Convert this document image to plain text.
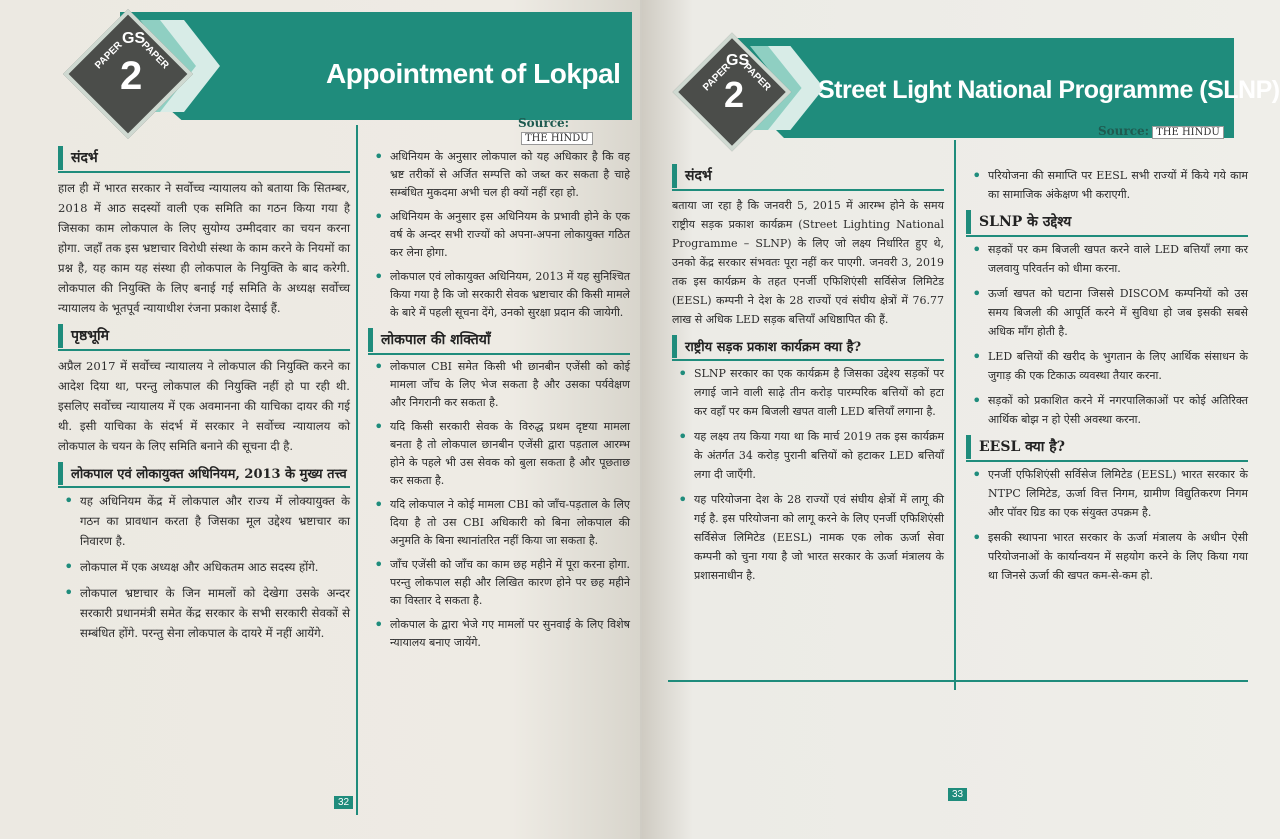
Appointment of Lokpal
GS
PAPER PAPER
2
Source:THE HINDU
संदर्भ
हाल ही में भारत सरकार ने सर्वोच्च न्यायालय को बताया कि सितम्बर, 2018 में आठ सदस्यों वाली एक समिति का गठन किया गया है जिसका काम लोकपाल के लिए सुयोग्य उम्मीदवार का चयन करना होगा. जहाँ तक इस भ्रष्टाचार विरोधी संस्था के काम करने के नियमों का प्रश्न है, यह काम यह संस्था ही लोकपाल के नियुक्ति के बाद करेगी. लोकपाल की नियुक्ति के लिए बनाई गई समिति के अध्यक्ष सर्वोच्च न्यायालय के भूतपूर्व न्यायाधीश रंजना प्रकाश देसाई हैं.
पृष्ठभूमि
अप्रैल 2017 में सर्वोच्च न्यायालय ने लोकपाल की नियुक्ति करने का आदेश दिया था, परन्तु लोकपाल की नियुक्ति नहीं हो पा रही थी. इसलिए सर्वोच्च न्यायालय में एक अवमानना की याचिका दायर की गई थी. इसी याचिका के संदर्भ में सरकार ने सर्वोच्च न्यायालय को लोकपाल के चयन के लिए समिति बनाने की सूचना दी है.
लोकपाल एवं लोकायुक्त अधिनियम, 2013 के मुख्य तत्त्व
• यह अधिनियम केंद्र में लोकपाल और राज्य में लोक्यायुक्त के गठन का प्रावधान करता है जिसका मूल उद्देश्य भ्रष्टाचार का निवारण है.
• लोकपाल में एक अध्यक्ष और अधिकतम आठ सदस्य होंगे.
• लोकपाल भ्रष्टाचार के जिन मामलों को देखेगा उसके अन्दर सरकारी प्रधानमंत्री समेत केंद्र सरकार के सभी सरकारी सेवकों से सम्बंधित होंगे. परन्तु सेना लोकपाल के दायरे में नहीं आयेंगे.
• अधिनियम के अनुसार लोकपाल को यह अधिकार है कि वह भ्रष्ट तरीकों से अर्जित सम्पत्ति को जब्त कर सकता है चाहे सम्बंधित मुकदमा अभी चल ही क्यों नहीं रहा हो.
• अधिनियम के अनुसार इस अधिनियम के प्रभावी होने के एक वर्ष के अन्दर सभी राज्यों को अपना-अपना लोकायुक्त गठित कर लेना होगा.
• लोकपाल एवं लोकायुक्त अधिनियम, 2013 में यह सुनिश्चित किया गया है कि जो सरकारी सेवक भ्रष्टाचार की किसी मामले के बारे में पहली सूचना देंगे, उनको सुरक्षा प्रदान की जायेगी.
लोकपाल की शक्तियाँ
• लोकपाल CBI समेत किसी भी छानबीन एजेंसी को कोई मामला जाँच के लिए भेज सकता है और उसका पर्यवेक्षण और निगरानी कर सकता है.
• यदि किसी सरकारी सेवक के विरुद्ध प्रथम दृष्टया मामला बनता है तो लोकपाल छानबीन एजेंसी द्वारा पड़ताल आरम्भ होने के पहले भी उस सेवक को बुला सकता है और पूछताछ कर सकता है.
• यदि लोकपाल ने कोई मामला CBI को जाँच-पड़ताल के लिए दिया है तो उस CBI अधिकारी को बिना लोकपाल की अनुमति के बिना स्थानांतरित नहीं किया जा सकता है.
• जाँच एजेंसी को जाँच का काम छह महीने में पूरा करना होगा. परन्तु लोकपाल सही और लिखित कारण होने पर छह महीने का विस्तार दे सकता है.
• लोकपाल के द्वारा भेजे गए मामलों पर सुनवाई के लिए विशेष न्यायालय बनाए जायेंगे.
32
Street Light National Programme (SLNP)
GS
PAPER PAPER
2
Source: THE HINDU
संदर्भ
बताया जा रहा है कि जनवरी 5, 2015 में आरम्भ होने के समय राष्ट्रीय सड़क प्रकाश कार्यक्रम (Street Lighting National Programme – SLNP) के लिए जो लक्ष्य निर्धारित हुए थे, उनको केंद्र सरकार संभवतः पूरा नहीं कर पाएगी. जनवरी 3, 2019 तक इस कार्यक्रम के तहत एनर्जी एफिशिएंसी सर्विसेज लिमिटेड (EESL) कम्पनी ने देश के 28 राज्यों एवं संघीय क्षेत्रों में 76.77 लाख से अधिक LED सड़क बत्तियाँ अधिष्ठापित की हैं.
राष्ट्रीय सड़क प्रकाश कार्यक्रम क्या है?
• SLNP सरकार का एक कार्यक्रम है जिसका उद्देश्य सड़कों पर लगाई जाने वाली साढ़े तीन करोड़ पारम्परिक बत्तियों को हटा कर वहाँ पर कम बिजली खपत वाली LED बत्तियाँ लगाना है.
• यह लक्ष्य तय किया गया था कि मार्च 2019 तक इस कार्यक्रम के अंतर्गत 34 करोड़ पुरानी बत्तियों को हटाकर LED बत्तियाँ लगा दी जाएँगी.
• यह परियोजना देश के 28 राज्यों एवं संघीय क्षेत्रों में लागू की गई है. इस परियोजना को लागू करने के लिए एनर्जी एफिशिएंसी सर्विसेज लिमिटेड (EESL) नामक एक लोक ऊर्जा सेवा कम्पनी को चुना गया है जो भारत सरकार के ऊर्जा मंत्रालय के प्रशासनाधीन है.
• परियोजना की समाप्ति पर EESL सभी राज्यों में किये गये काम का सामाजिक अंकेक्षण भी कराएगी.
SLNP के उद्देश्य
• सड़कों पर कम बिजली खपत करने वाले LED बत्तियाँ लगा कर जलवायु परिवर्तन को धीमा करना.
• ऊर्जा खपत को घटाना जिससे DISCOM कम्पनियों को उस समय बिजली की आपूर्ति करने में सुविधा हो जब इसकी सबसे अधिक माँग होती है.
• LED बत्तियों की खरीद के भुगतान के लिए आर्थिक संसाधन के जुगाड़ की एक टिकाऊ व्यवस्था तैयार करना.
• सड़कों को प्रकाशित करने में नगरपालिकाओं पर कोई अतिरिक्त आर्थिक बोझ न हो ऐसी अवस्था करना.
EESL क्या है?
• एनर्जी एफिशिएंसी सर्विसेज लिमिटेड (EESL) भारत सरकार के NTPC लिमिटेड, ऊर्जा वित्त निगम, ग्रामीण विद्युतिकरण निगम और पॉवर ग्रिड का एक संयुक्त उपक्रम है.
• इसकी स्थापना भारत सरकार के ऊर्जा मंत्रालय के अधीन ऐसी परियोजनाओं के कार्यान्वयन में सहयोग करने के लिए किया गया था जिनसे ऊर्जा की खपत कम-से-कम हो.
33
